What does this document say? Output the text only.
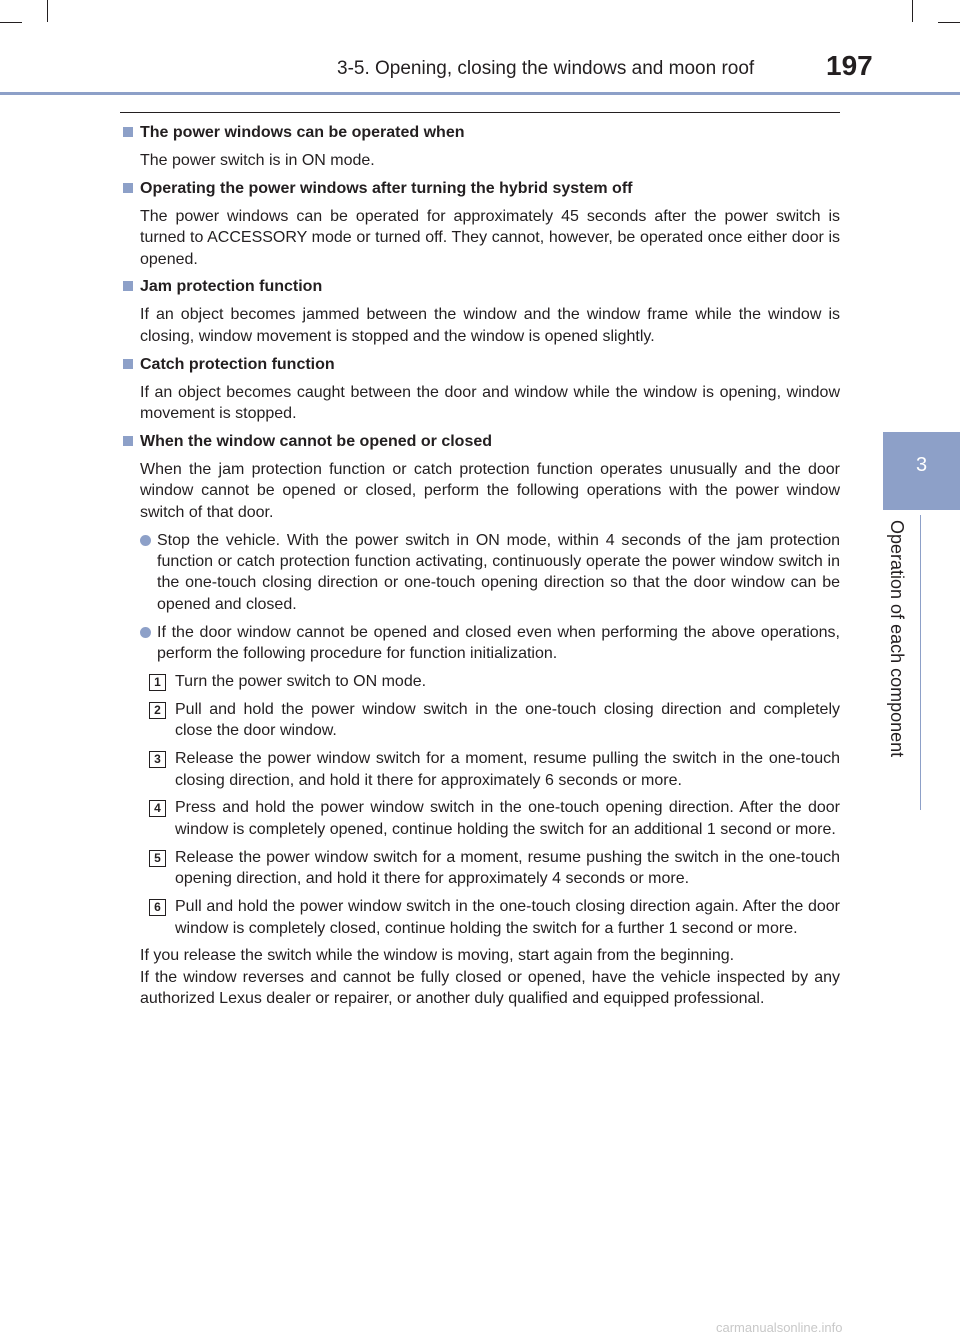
3-5. Opening, closing the windows and moon roof	197
3
Operation of each component
The power windows can be operated when
The power switch is in ON mode.
Operating the power windows after turning the hybrid system off
The power windows can be operated for approximately 45 seconds after the power switch is turned to ACCESSORY mode or turned off. They cannot, however, be operated once either door is opened.
Jam protection function
If an object becomes jammed between the window and the window frame while the window is closing, window movement is stopped and the window is opened slightly.
Catch protection function
If an object becomes caught between the door and window while the window is opening, window movement is stopped.
When the window cannot be opened or closed
When the jam protection function or catch protection function operates unusually and the door window cannot be opened or closed, perform the following operations with the power window switch of that door.
Stop the vehicle. With the power switch in ON mode, within 4 seconds of the jam protection function or catch protection function activating, continuously operate the power window switch in the one-touch closing direction or one-touch opening direction so that the door window can be opened and closed.
If the door window cannot be opened and closed even when performing the above operations, perform the following procedure for function initialization.
1 Turn the power switch to ON mode.
2 Pull and hold the power window switch in the one-touch closing direction and completely close the door window.
3 Release the power window switch for a moment, resume pulling the switch in the one-touch closing direction, and hold it there for approximately 6 seconds or more.
4 Press and hold the power window switch in the one-touch opening direction. After the door window is completely opened, continue holding the switch for an additional 1 second or more.
5 Release the power window switch for a moment, resume pushing the switch in the one-touch opening direction, and hold it there for approximately 4 seconds or more.
6 Pull and hold the power window switch in the one-touch closing direction again. After the door window is completely closed, continue holding the switch for a further 1 second or more.
If you release the switch while the window is moving, start again from the beginning.
If the window reverses and cannot be fully closed or opened, have the vehicle inspected by any authorized Lexus dealer or repairer, or another duly qualified and equipped professional.
carmanualsonline.info
